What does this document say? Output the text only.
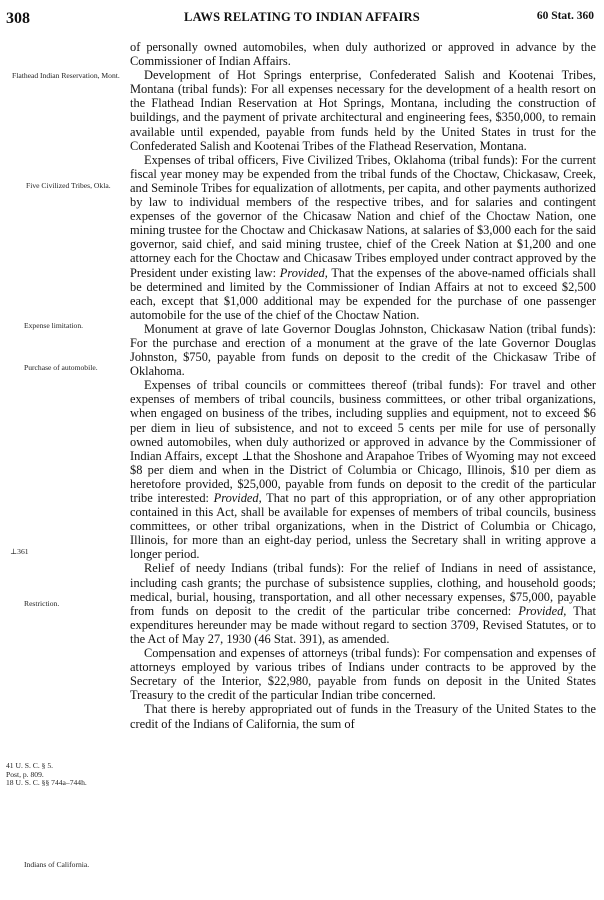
LAWS RELATING TO INDIAN AFFAIRS
308	60 Stat. 360
Flathead Indian Reservation, Mont.
Five Civilized Tribes, Okla.
Expense limitation.
Purchase of automobile.
⊥361
Restriction.
41 U. S. C. § 5.
Post, p. 809.
18 U. S. C. §§ 744a–744h.
Indians of California.

of personally owned automobiles, when duly authorized or approved in advance by the Commissioner of Indian Affairs.

Development of Hot Springs enterprise, Confederated Salish and Kootenai Tribes, Montana (tribal funds): For all expenses necessary for the development of a health resort on the Flathead Indian Reservation at Hot Springs, Montana, including the construction of buildings, and the payment of private architectural and engineering fees, $350,000, to remain available until expended, payable from funds held by the United States in trust for the Confederated Salish and Kootenai Tribes of the Flathead Reservation, Montana.

Expenses of tribal officers, Five Civilized Tribes, Oklahoma (tribal funds): For the current fiscal year money may be expended from the tribal funds of the Choctaw, Chickasaw, Creek, and Seminole Tribes for equalization of allotments, per capita, and other payments authorized by law to individual members of the respective tribes, and for salaries and contingent expenses of the governor of the Chicasaw Nation and chief of the Choctaw Nation, one mining trustee for the Choctaw and Chickasaw Nations, at salaries of $3,000 each for the said governor, said chief, and said mining trustee, chief of the Creek Nation at $1,200 and one attorney each for the Choctaw and Chicasaw Tribes employed under contract approved by the President under existing law: Provided, That the expenses of the above-named officials shall be determined and limited by the Commissioner of Indian Affairs at not to exceed $2,500 each, except that $1,000 additional may be expended for the purchase of one passenger automobile for the use of the chief of the Choctaw Nation.

Monument at grave of late Governor Douglas Johnston, Chickasaw Nation (tribal funds): For the purchase and erection of a monument at the grave of the late Governor Douglas Johnston, $750, payable from funds on deposit to the credit of the Chickasaw Tribe of Oklahoma.

Expenses of tribal councils or committees thereof (tribal funds): For travel and other expenses of members of tribal councils, business committees, or other tribal organizations, when engaged on business of the tribes, including supplies and equipment, not to exceed $6 per diem in lieu of subsistence, and not to exceed 5 cents per mile for use of personally owned automobiles, when duly authorized or approved in advance by the Commissioner of Indian Affairs, except ⊥that the Shoshone and Arapahoe Tribes of Wyoming may not exceed $8 per diem and when in the District of Columbia or Chicago, Illinois, $10 per diem as heretofore provided, $25,000, payable from funds on deposit to the credit of the particular tribe interested: Provided, That no part of this appropriation, or of any other appropriation contained in this Act, shall be available for expenses of members of tribal councils, business committees, or other tribal organizations, when in the District of Columbia or Chicago, Illinois, for more than an eight-day period, unless the Secretary shall in writing approve a longer period.

Relief of needy Indians (tribal funds): For the relief of Indians in need of assistance, including cash grants; the purchase of subsistence supplies, clothing, and household goods; medical, burial, housing, transportation, and all other necessary expenses, $75,000, payable from funds on deposit to the credit of the particular tribe concerned: Provided, That expenditures hereunder may be made without regard to section 3709, Revised Statutes, or to the Act of May 27, 1930 (46 Stat. 391), as amended.

Compensation and expenses of attorneys (tribal funds): For compensation and expenses of attorneys employed by various tribes of Indians under contracts to be approved by the Secretary of the Interior, $22,980, payable from funds on deposit in the United States Treasury to the credit of the particular Indian tribe concerned.

That there is hereby appropriated out of funds in the Treasury of the United States to the credit of the Indians of California, the sum of
